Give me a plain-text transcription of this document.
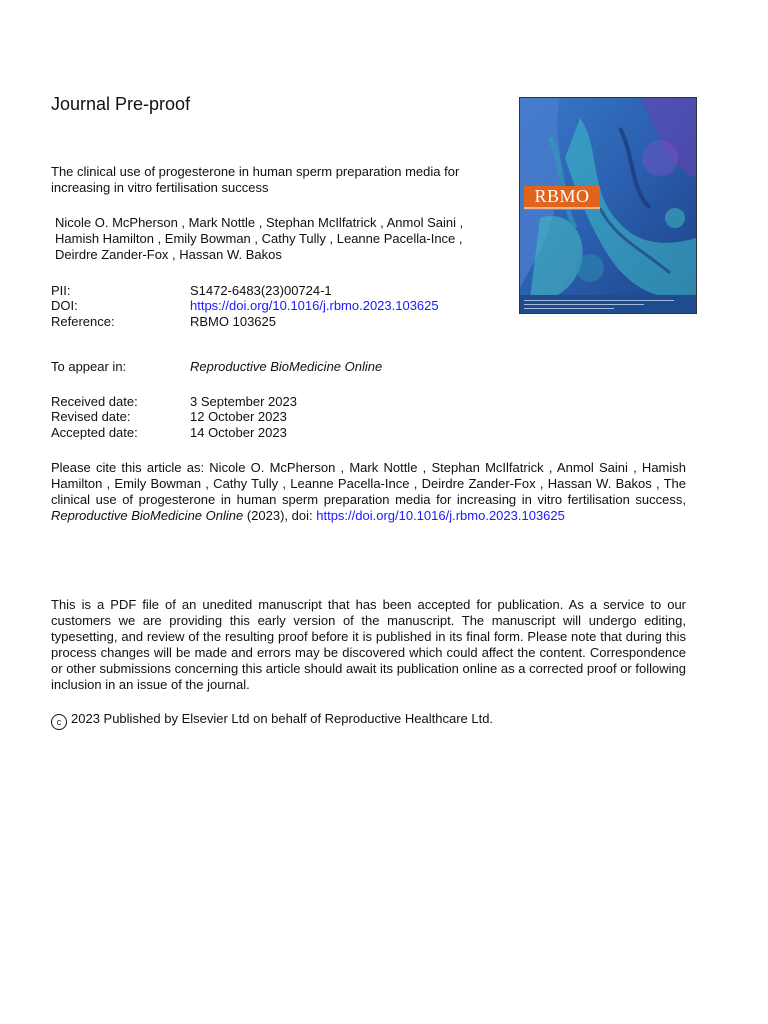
Journal Pre-proof
The clinical use of progesterone in human sperm preparation media for increasing in vitro fertilisation success
Nicole O. McPherson , Mark Nottle , Stephan McIlfatrick , Anmol Saini , Hamish Hamilton , Emily Bowman , Cathy Tully , Leanne Pacella-Ince , Deirdre Zander-Fox , Hassan W. Bakos
PII:	S1472-6483(23)00724-1
DOI:	https://doi.org/10.1016/j.rbmo.2023.103625
Reference:	RBMO 103625
To appear in:	Reproductive BioMedicine Online
Received date:	3 September 2023
Revised date:	12 October 2023
Accepted date:	14 October 2023
Please cite this article as: Nicole O. McPherson , Mark Nottle , Stephan McIlfatrick , Anmol Saini , Hamish Hamilton , Emily Bowman , Cathy Tully , Leanne Pacella-Ince , Deirdre Zander-Fox , Hassan W. Bakos , The clinical use of progesterone in human sperm preparation media for increasing in vitro fertilisation success, Reproductive BioMedicine Online (2023), doi: https://doi.org/10.1016/j.rbmo.2023.103625
This is a PDF file of an unedited manuscript that has been accepted for publication. As a service to our customers we are providing this early version of the manuscript. The manuscript will undergo editing, typesetting, and review of the resulting proof before it is published in its final form. Please note that during this process changes will be made and errors may be discovered which could affect the content. Correspondence or other submissions concerning this article should await its publication online as a corrected proof or following inclusion in an issue of the journal.
c 2023 Published by Elsevier Ltd on behalf of Reproductive Healthcare Ltd.
RBMO
